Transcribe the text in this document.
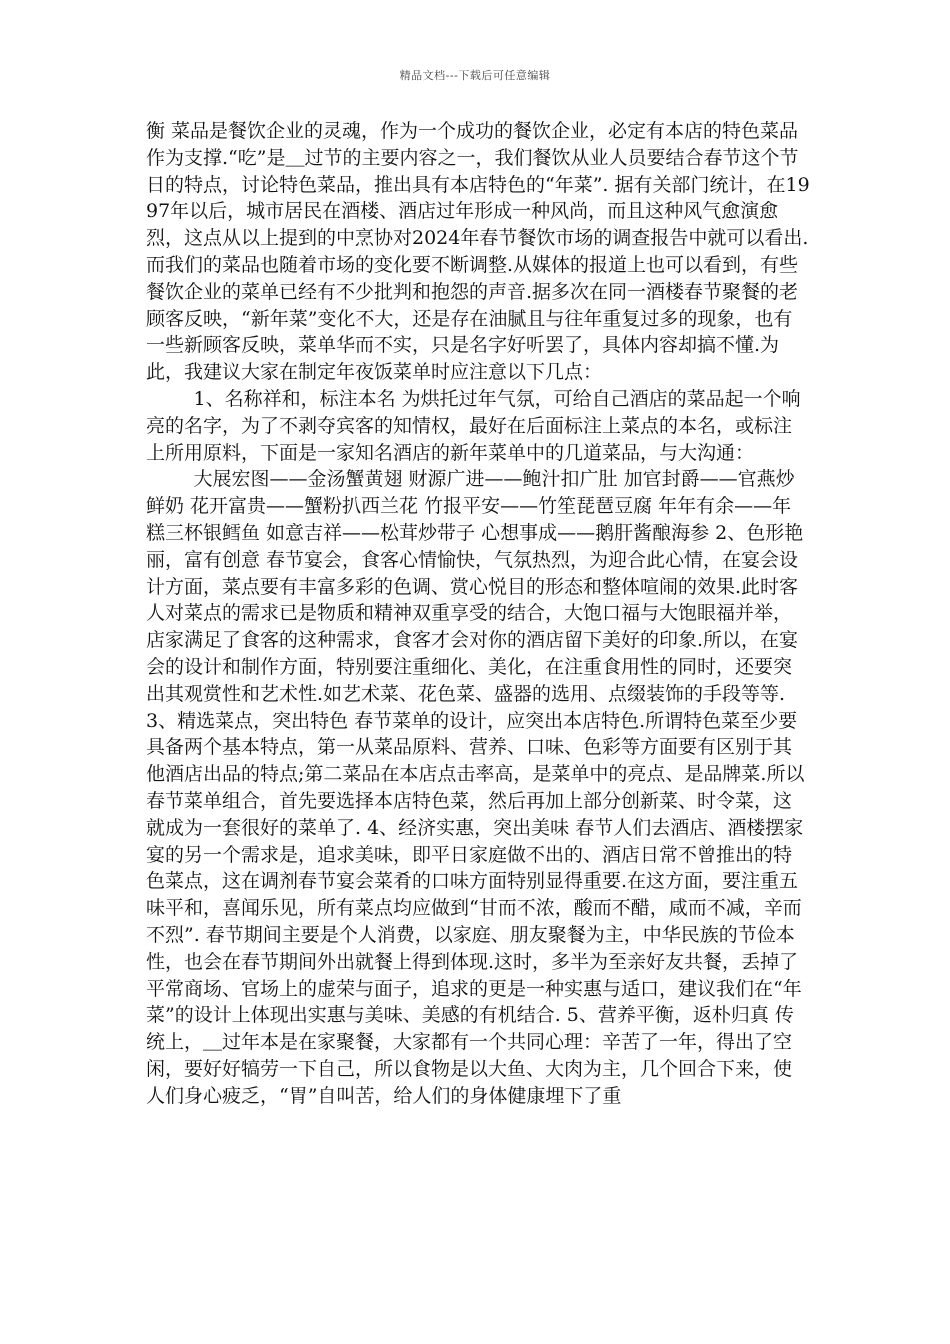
精品文档---下载后可任意编辑

衡 菜品是餐饮企业的灵魂，作为一个成功的餐饮企业，必定有本店的特色菜品作为支撑.“吃”是＿过节的主要内容之一，我们餐饮从业人员要结合春节这个节日的特点，讨论特色菜品，推出具有本店特色的“年菜”. 据有关部门统计，在1997年以后，城市居民在酒楼、酒店过年形成一种风尚，而且这种风气愈演愈烈，这点从以上提到的中烹协对2024年春节餐饮市场的调查报告中就可以看出.而我们的菜品也随着市场的变化要不断调整.从媒体的报道上也可以看到，有些餐饮企业的菜单已经有不少批判和抱怨的声音.据多次在同一酒楼春节聚餐的老顾客反映，“新年菜”变化不大，还是存在油腻且与往年重复过多的现象，也有一些新顾客反映，菜单华而不实，只是名字好听罢了，具体内容却搞不懂.为此，我建议大家在制定年夜饭菜单时应注意以下几点：

1、名称祥和，标注本名 为烘托过年气氛，可给自己酒店的菜品起一个响亮的名字，为了不剥夺宾客的知情权，最好在后面标注上菜点的本名，或标注上所用原料，下面是一家知名酒店的新年菜单中的几道菜品，与大沟通：

大展宏图——金汤蟹黄翅 财源广进——鲍汁扣广肚 加官封爵——官燕炒鲜奶 花开富贵——蟹粉扒西兰花 竹报平安——竹笙琵琶豆腐 年年有余——年糕三杯银鳕鱼 如意吉祥——松茸炒带子 心想事成——鹅肝酱酿海参 2、色形艳丽，富有创意 春节宴会，食客心情愉快，气氛热烈，为迎合此心情，在宴会设计方面，菜点要有丰富多彩的色调、赏心悦目的形态和整体喧闹的效果.此时客人对菜点的需求已是物质和精神双重享受的结合，大饱口福与大饱眼福并举，店家满足了食客的这种需求，食客才会对你的酒店留下美好的印象.所以，在宴会的设计和制作方面，特别要注重细化、美化，在注重食用性的同时，还要突出其观赏性和艺术性.如艺术菜、花色菜、盛器的选用、点缀装饰的手段等等. 3、精选菜点，突出特色 春节菜单的设计，应突出本店特色.所谓特色菜至少要具备两个基本特点，第一从菜品原料、营养、口味、色彩等方面要有区别于其他酒店出品的特点;第二菜品在本店点击率高，是菜单中的亮点、是品牌菜.所以春节菜单组合，首先要选择本店特色菜，然后再加上部分创新菜、时令菜，这就成为一套很好的菜单了. 4、经济实惠，突出美味 春节人们去酒店、酒楼摆家宴的另一个需求是，追求美味，即平日家庭做不出的、酒店日常不曾推出的特色菜点，这在调剂春节宴会菜肴的口味方面特别显得重要.在这方面，要注重五味平和，喜闻乐见，所有菜点均应做到“甘而不浓，酸而不醋，咸而不减，辛而不烈”. 春节期间主要是个人消费，以家庭、朋友聚餐为主，中华民族的节俭本性，也会在春节期间外出就餐上得到体现.这时，多半为至亲好友共餐，丢掉了平常商场、官场上的虚荣与面子，追求的更是一种实惠与适口，建议我们在“年菜”的设计上体现出实惠与美味、美感的有机结合. 5、营养平衡，返朴归真 传统上，＿过年本是在家聚餐，大家都有一个共同心理：辛苦了一年，得出了空闲，要好好犒劳一下自己，所以食物是以大鱼、大肉为主，几个回合下来，使人们身心疲乏，“胃”自叫苦，给人们的身体健康埋下了重
